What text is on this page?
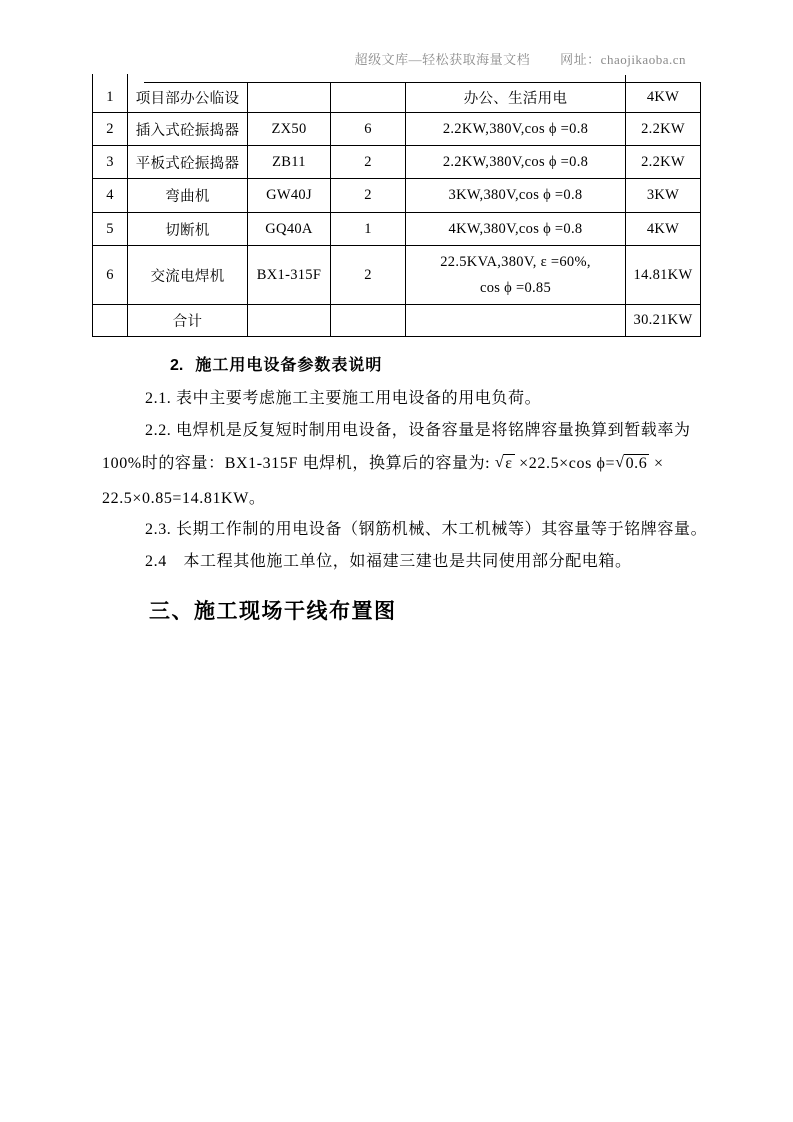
超级文库—轻松获取海量文档 网址：chaojikaoba.cn
1	项目部办公临设			办公、生活用电	4KW
2	插入式砼振捣器	ZX50	6	2.2KW,380V,cos ϕ =0.8	2.2KW
3	平板式砼振捣器	ZB11	2	2.2KW,380V,cos ϕ =0.8	2.2KW
4	弯曲机	GW40J	2	3KW,380V,cos ϕ =0.8	3KW
5	切断机	GQ40A	1	4KW,380V,cos ϕ =0.8	4KW
6	交流电焊机	BX1-315F	2	22.5KVA,380V, ε =60%,
cos ϕ =0.85	14.81KW
	合计				30.21KW
2. 施工用电设备参数表说明
2.1. 表中主要考虑施工主要施工用电设备的用电负荷。
2.2. 电焊机是反复短时制用电设备，设备容量是将铭牌容量换算到暂载率为
100%时的容量：BX1-315F 电焊机，换算后的容量为: √ε ×22.5×cos ϕ=√0.6 ×
22.5×0.85=14.81KW。
2.3. 长期工作制的用电设备（钢筋机械、木工机械等）其容量等于铭牌容量。
2.4　本工程其他施工单位，如福建三建也是共同使用部分配电箱。
三、施工现场干线布置图
